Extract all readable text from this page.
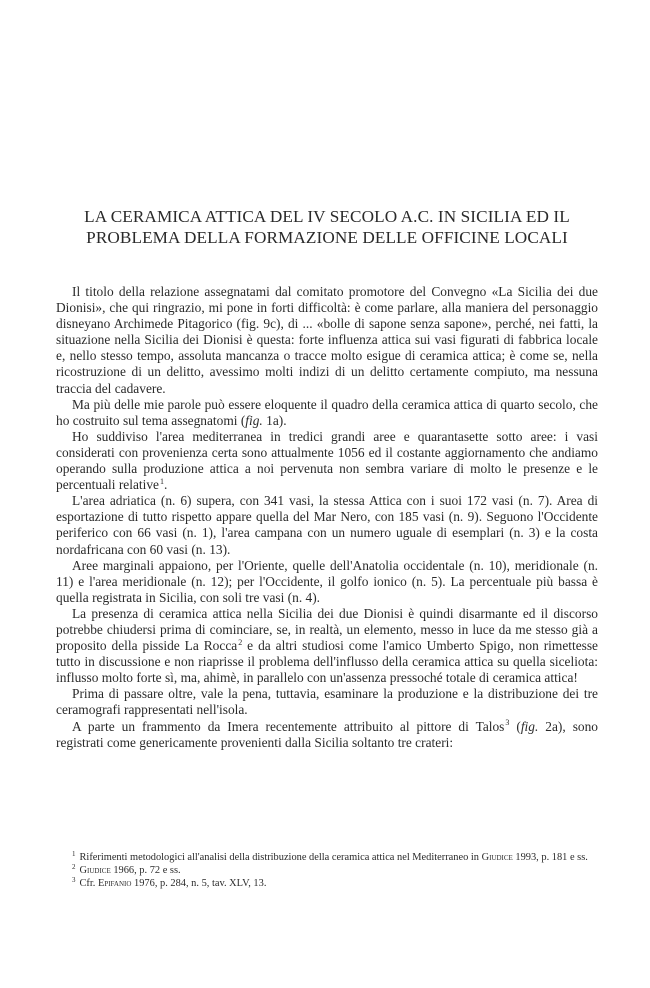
LA CERAMICA ATTICA DEL IV SECOLO A.C. IN SICILIA ED IL
PROBLEMA DELLA FORMAZIONE DELLE OFFICINE LOCALI

Il titolo della relazione assegnatami dal comitato promotore del Convegno «La Sicilia dei due Dionisi», che qui ringrazio, mi pone in forti difficoltà: è come parlare, alla maniera del personaggio disneyano Archimede Pitagorico (fig. 9c), di ... «bolle di sapone senza sapone», perché, nei fatti, la situazione nella Sicilia dei Dionisi è questa: forte influenza attica sui vasi figurati di fabbrica locale e, nello stesso tempo, assoluta mancanza o tracce molto esigue di ceramica attica; è come se, nella ricostruzione di un delitto, avessimo molti indizi di un delitto certamente compiuto, ma nessuna traccia del cadavere.

Ma più delle mie parole può essere eloquente il quadro della ceramica attica di quarto secolo, che ho costruito sul tema assegnatomi (fig. 1a).

Ho suddiviso l'area mediterranea in tredici grandi aree e quarantasette sotto aree: i vasi considerati con provenienza certa sono attualmente 1056 ed il costante aggiornamento che andiamo operando sulla produzione attica a noi pervenuta non sembra variare di molto le presenze e le percentuali relative$^1$.

L'area adriatica (n. 6) supera, con 341 vasi, la stessa Attica con i suoi 172 vasi (n. 7). Area di esportazione di tutto rispetto appare quella del Mar Nero, con 185 vasi (n. 9). Seguono l'Occidente periferico con 66 vasi (n. 1), l'area campana con un numero uguale di esemplari (n. 3) e la costa nordafricana con 60 vasi (n. 13).

Aree marginali appaiono, per l'Oriente, quelle dell'Anatolia occidentale (n. 10), meridionale (n. 11) e l'area meridionale (n. 12); per l'Occidente, il golfo ionico (n. 5). La percentuale più bassa è quella registrata in Sicilia, con soli tre vasi (n. 4).

La presenza di ceramica attica nella Sicilia dei due Dionisi è quindi disarmante ed il discorso potrebbe chiudersi prima di cominciare, se, in realtà, un elemento, messo in luce da me stesso già a proposito della pisside La Rocca$^2$ e da altri studiosi come l'amico Umberto Spigo, non rimettesse tutto in discussione e non riaprisse il problema dell'influsso della ceramica attica su quella siceliota: influsso molto forte sì, ma, ahimè, in parallelo con un'assenza pressoché totale di ceramica attica!

Prima di passare oltre, vale la pena, tuttavia, esaminare la produzione e la distribuzione dei tre ceramografi rappresentati nell'isola.

A parte un frammento da Imera recentemente attribuito al pittore di Talos$^3$ (fig. 2a), sono registrati come genericamente provenienti dalla Sicilia soltanto tre crateri:

$^1$ Riferimenti metodologici all'analisi della distribuzione della ceramica attica nel Mediterraneo in Giudice 1993, p. 181 e ss.

$^2$ Giudice 1966, p. 72 e ss.

$^3$ Cfr. Epifanio 1976, p. 284, n. 5, tav. XLV, 13.
